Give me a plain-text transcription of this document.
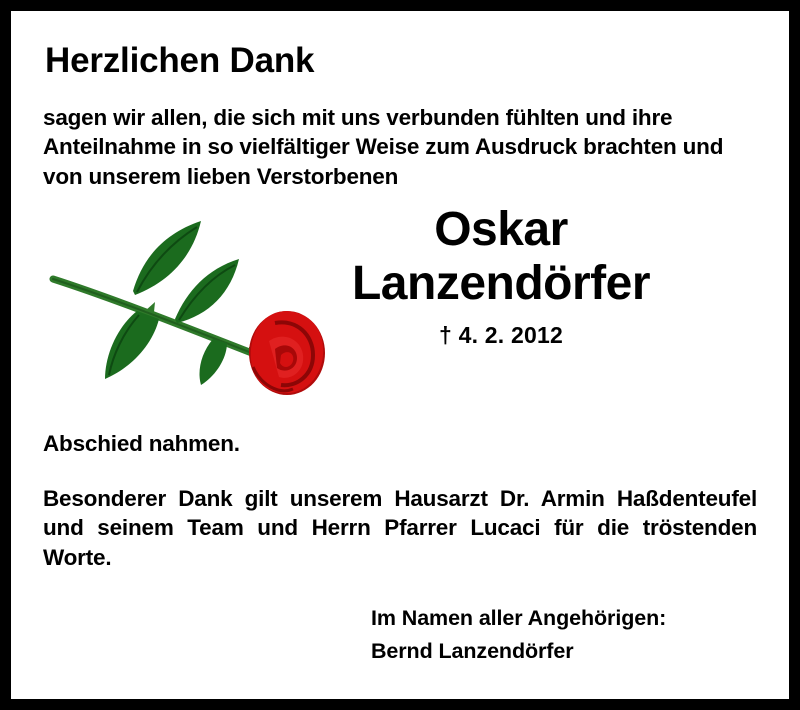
Herzlichen Dank
sagen wir allen, die sich mit uns verbunden fühlten und ihre Anteilnahme in so vielfältiger Weise zum Ausdruck brachten und von unserem lieben Verstorbenen
Oskar
Lanzendörfer
† 4. 2. 2012
Abschied nahmen.
Besonderer Dank gilt unserem Hausarzt Dr. Armin Haßdenteufel und seinem Team und Herrn Pfarrer Lucaci für die tröstenden Worte.
Im Namen aller Angehörigen:
Bernd Lanzendörfer
